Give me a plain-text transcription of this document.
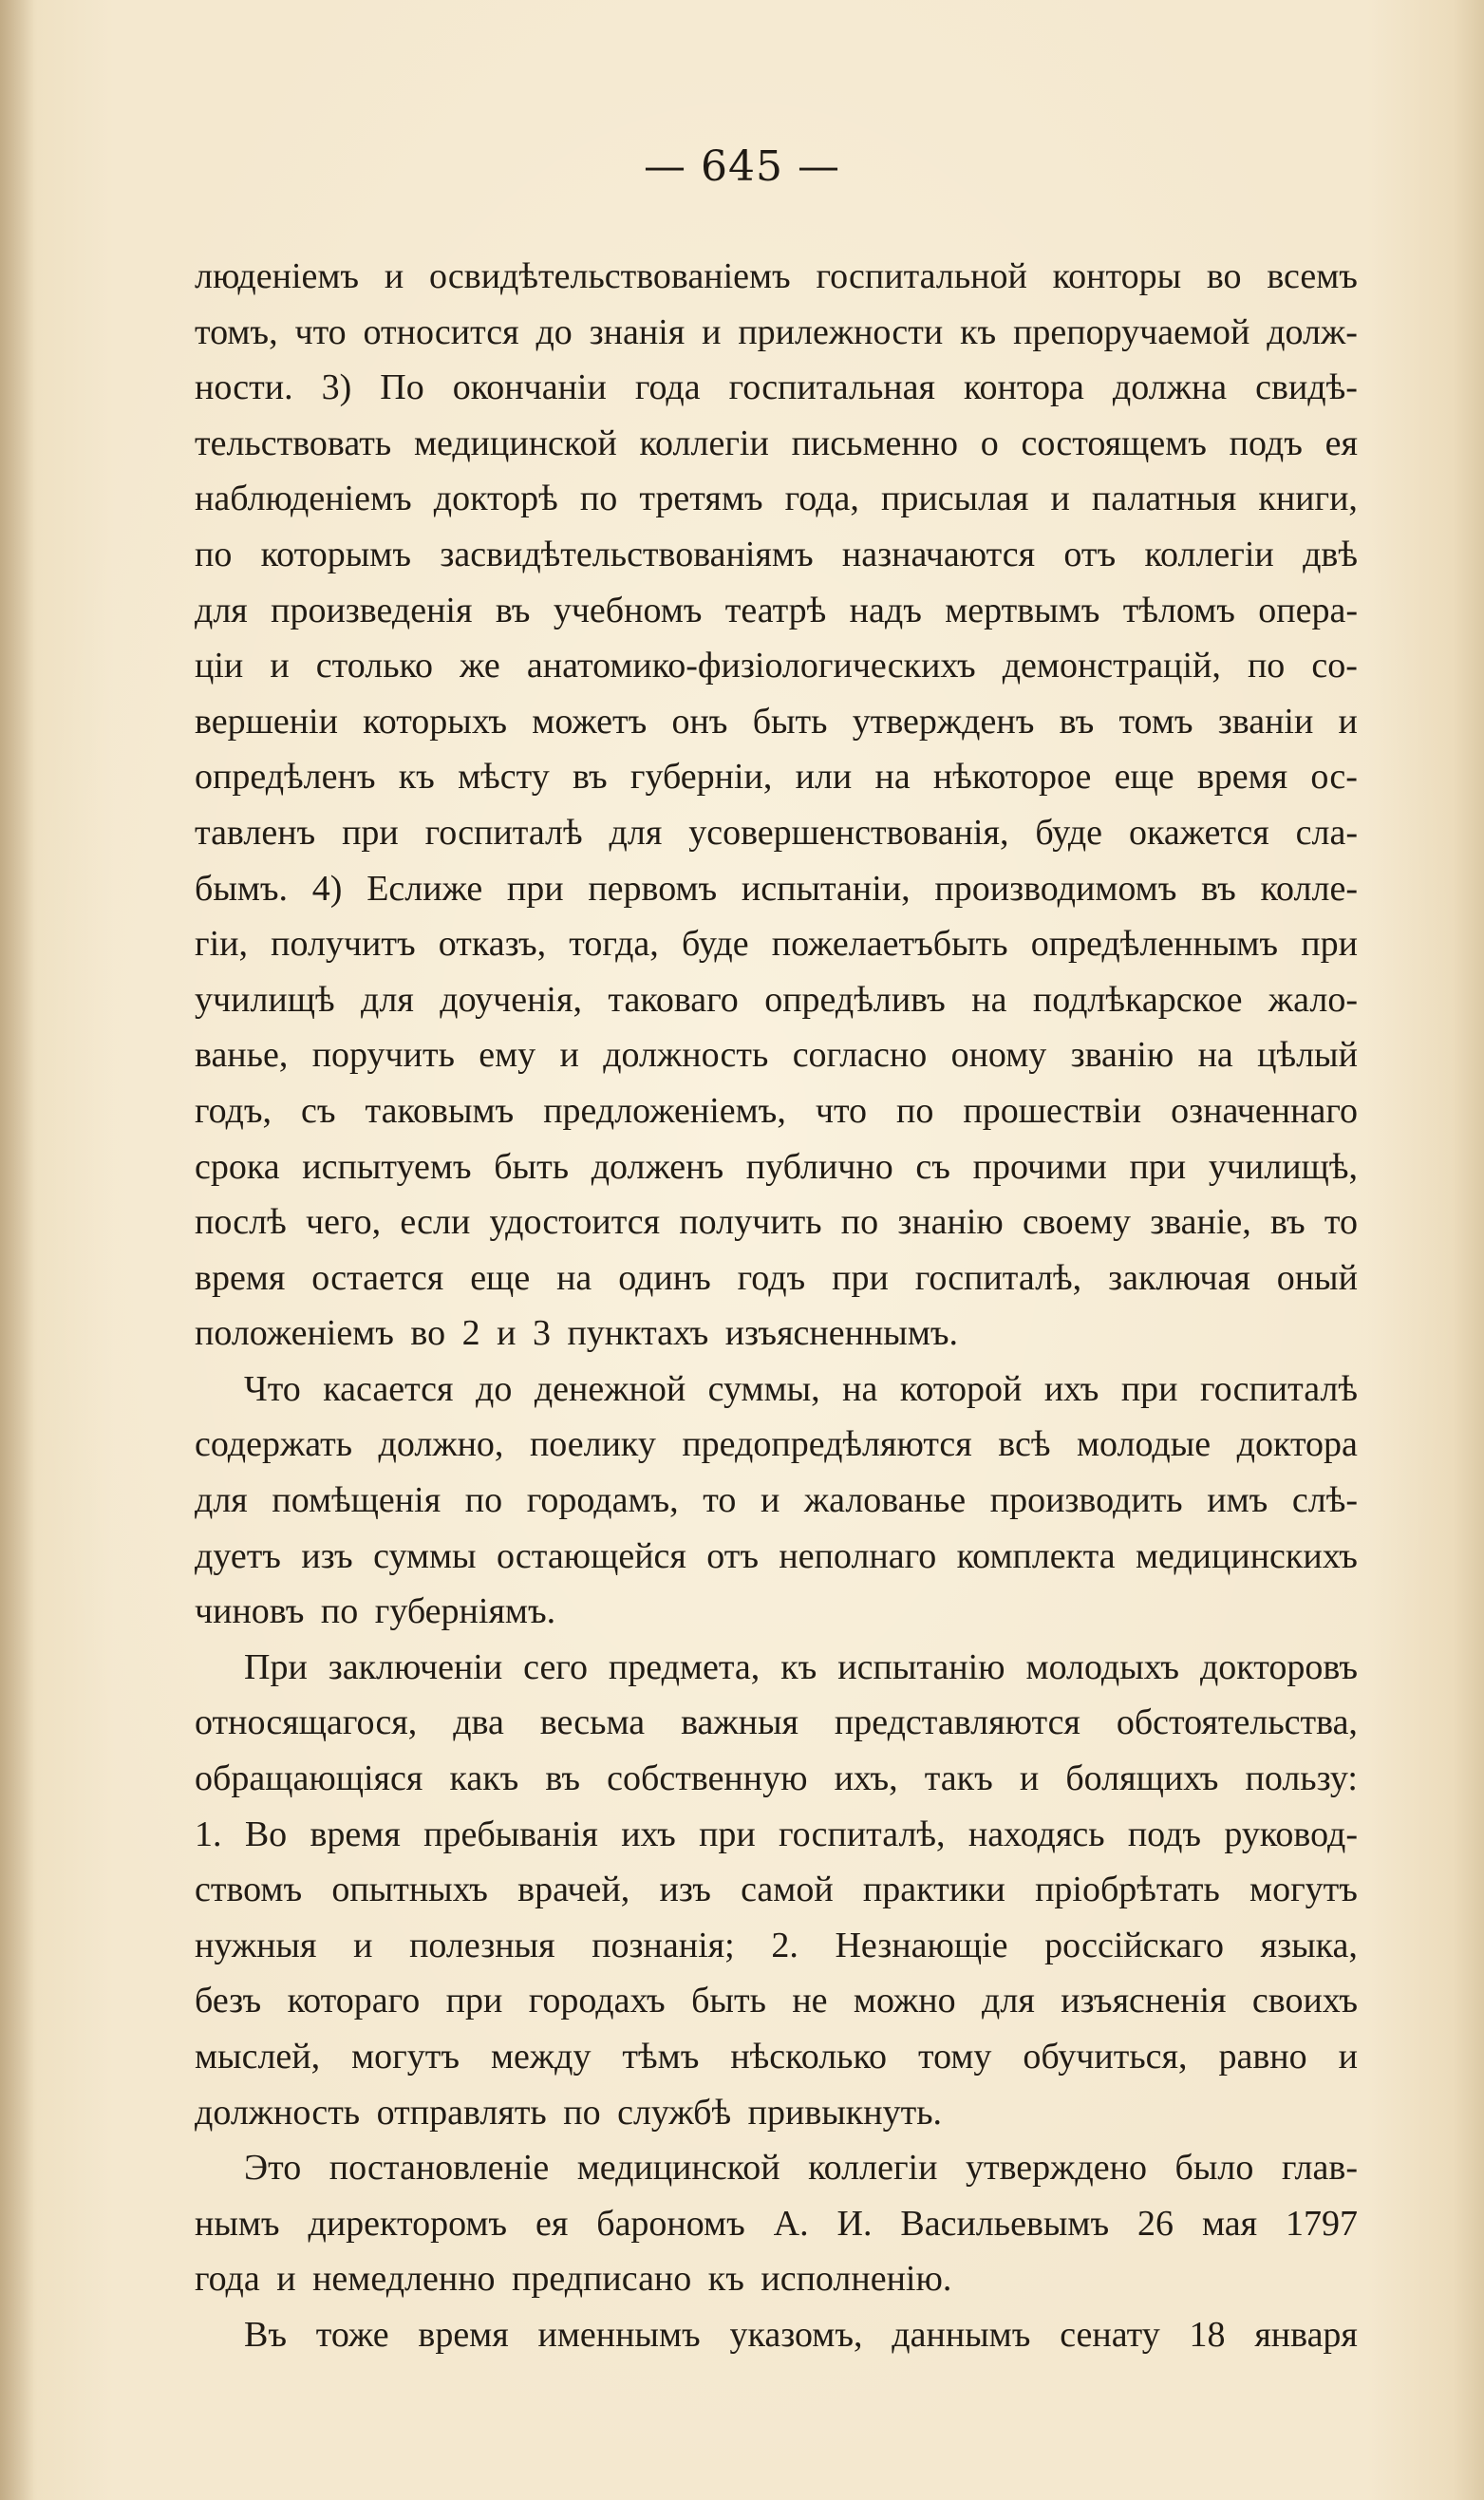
— 645 —
люденіемъ и освидѣтельствованіемъ госпитальной конторы во всемъ
томъ, что относится до знанія и прилежности къ препоручаемой долж-
ности. 3) По окончаніи года госпитальная контора должна свидѣ-
тельствовать медицинской коллегіи письменно о состоящемъ подъ ея
наблюденіемъ докторѣ по третямъ года, присылая и палатныя книги,
по которымъ засвидѣтельствованіямъ назначаются отъ коллегіи двѣ
для произведенія въ учебномъ театрѣ надъ мертвымъ тѣломъ опера-
ціи и столько же анатомико-физіологическихъ демонстрацій, по со-
вершеніи которыхъ можетъ онъ быть утвержденъ въ томъ званіи и
опредѣленъ къ мѣсту въ губерніи, или на нѣкоторое еще время ос-
тавленъ при госпиталѣ для усовершенствованія, буде окажется сла-
бымъ. 4) Еслиже при первомъ испытаніи, производимомъ въ колле-
гіи, получитъ отказъ, тогда, буде пожелаетъбыть опредѣленнымъ при
училищѣ для доученія, таковаго опредѣливъ на подлѣкарское жало-
ванье, поручить ему и должность согласно оному званію на цѣлый
годъ, съ таковымъ предложеніемъ, что по прошествіи означеннаго
срока испытуемъ быть долженъ публично съ прочими при училищѣ,
послѣ чего, если удостоится получить по знанію своему званіе, въ то
время остается еще на одинъ годъ при госпиталѣ, заключая оный
положеніемъ во 2 и 3 пунктахъ изъясненнымъ.
Что касается до денежной суммы, на которой ихъ при госпиталѣ
содержать должно, поелику предопредѣляются всѣ молодые доктора
для помѣщенія по городамъ, то и жалованье производить имъ слѣ-
дуетъ изъ суммы остающейся отъ неполнаго комплекта медицинскихъ
чиновъ по губерніямъ.
При заключеніи сего предмета, къ испытанію молодыхъ докторовъ
относящагося, два весьма важныя представляются обстоятельства,
обращающіяся какъ въ собственную ихъ, такъ и болящихъ пользу:
1. Во время пребыванія ихъ при госпиталѣ, находясь подъ руковод-
ствомъ опытныхъ врачей, изъ самой практики пріобрѣтать могутъ
нужныя и полезныя познанія; 2. Незнающіе россійскаго языка,
безъ котораго при городахъ быть не можно для изъясненія своихъ
мыслей, могутъ между тѣмъ нѣсколько тому обучиться, равно и
должность отправлять по службѣ привыкнуть.
Это постановленіе медицинской коллегіи утверждено было глав-
нымъ директоромъ ея барономъ А. И. Васильевымъ 26 мая 1797
года и немедленно предписано къ исполненію.
Въ тоже время именнымъ указомъ, даннымъ сенату 18 января
